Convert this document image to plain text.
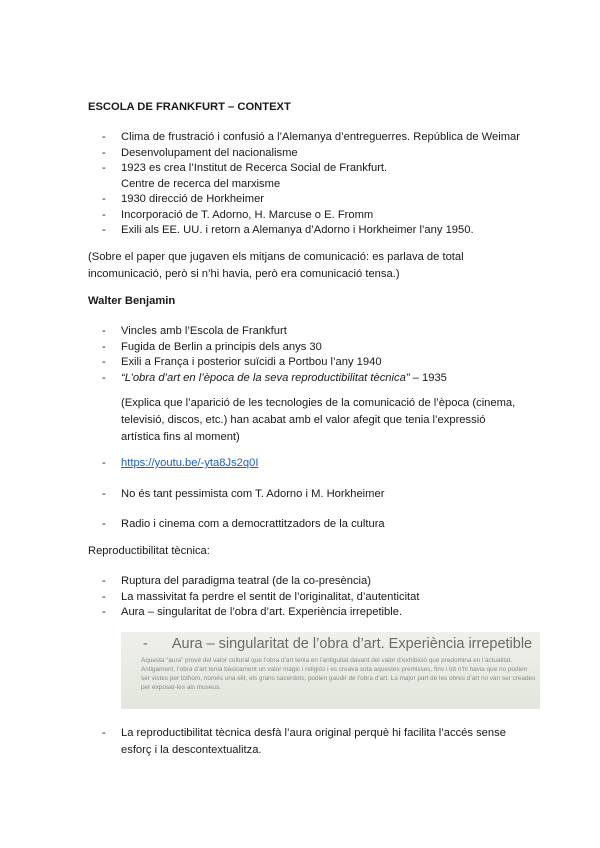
ESCOLA DE FRANKFURT – CONTEXT
- Clima de frustració i confusió a l’Alemanya d’entreguerres. República de Weimar
- Desenvolupament del nacionalisme
- 1923 es crea l’Institut de Recerca Social de Frankfurt.
Centre de recerca del marxisme
- 1930 direcció de Horkheimer
- Incorporació de T. Adorno, H. Marcuse o E. Fromm
- Exili als EE. UU. i retorn a Alemanya d’Adorno i Horkheimer l’any 1950.
(Sobre el paper que jugaven els mitjans de comunicació: es parlava de total
incomunicació, però si n’hi havia, però era comunicació tensa.)
Walter Benjamin
- Vincles amb l’Escola de Frankfurt
- Fugida de Berlin a principis dels anys 30
- Exili a França i posterior suïcidi a Portbou l’any 1940
- “L’obra d’art en l’època de la seva reproductibilitat tècnica” – 1935
(Explica que l’aparició de les tecnologies de la comunicació de l’època (cinema,
televisió, discos, etc.) han acabat amb el valor afegit que tenia l’expressió
artística fins al moment)
- https://youtu.be/-yta8Js2q0I
- No és tant pessimista com T. Adorno i M. Horkheimer
- Radio i cinema com a democrattitzadors de la cultura
Reproductibilitat tècnica:
- Ruptura del paradigma teatral (de la co-presència)
- La massivitat fa perdre el sentit de l’originalitat, d’autenticitat
- Aura – singularitat de l’obra d’art. Experiència irrepetible.
- Aura – singularitat de l’obra d’art. Experiència irrepetible
Aquesta “aura” prové del valor cultural que l’obra d’art tenia en l’antiguitat davant del valor d’exhibició que predomina en l’actualitat. Antigament, l’obra d’art tenia bàsicament un valor màgic i religiós i es creava sota aquestes premisses, fins i tot n’hi havia que no podien ser vistes per tothom, només una elit, els grans sacerdots, podien gaudir de l’obra d’art. La major part de les obres d’art no van ser creades per exposar-les als museus.
- La reproductibilitat tècnica desfà l’aura original perquè hi facilita l’accés sense
esforç i la descontextualitza.
